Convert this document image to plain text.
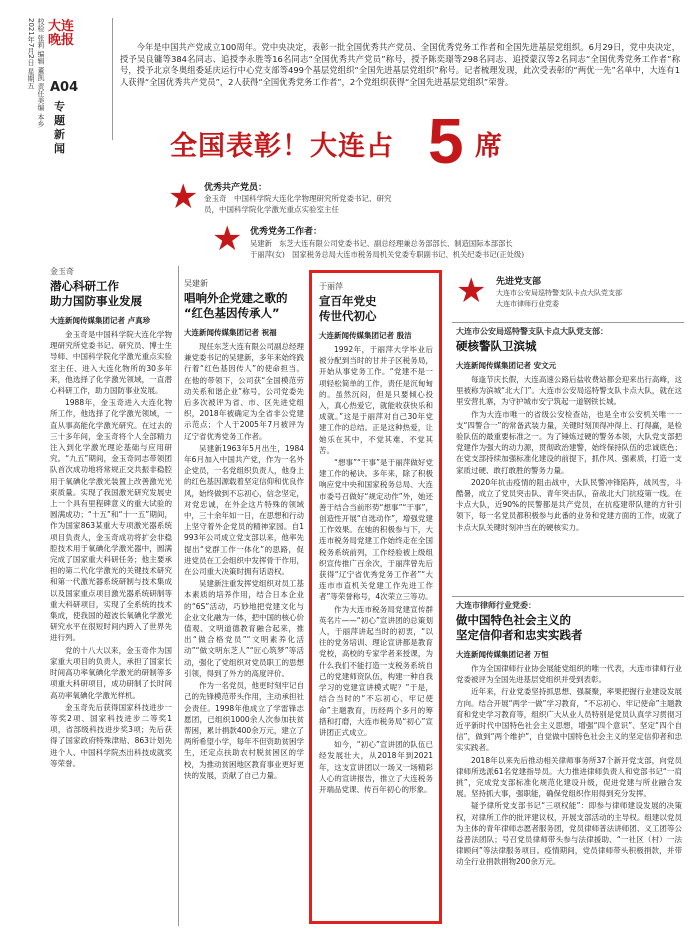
校检 张莉 编辑 董凯 责任美编 本乡 2021年7月2日 星期五	大连晚报
A04
专题
新闻

今年是中国共产党成立100周年。党中央决定，表彰一批全国优秀共产党员、全国优秀党务工作者和全国先进基层党组织。6月29日，党中央决定，授予吴良镛等384名同志、追授李永胜等16名同志“全国优秀共产党员”称号，授予陈奕璟等298名同志、追授蒙汉等2名同志“全国优秀党务工作者”称号，授予北京冬奥组委延庆运行中心党支部等499个基层党组织“全国先进基层党组织”称号。记者梳理发现，此次受表彰的“两优一先”名单中，大连有1人获得“全国优秀共产党员”，2人获得“全国优秀党务工作者”，2个党组织获得“全国先进基层党组织”荣誉。

全国表彰！大连占 5 席
★ 优秀共产党员：
金玉奇　中国科学院大连化学物理研究所党委书记、研究员，中国科学院化学激光重点实验室主任
★ 优秀党务工作者：
吴建新　东芝大连有限公司党委书记、副总经理兼总务部部长、制造国际本部部长
于丽萍(女)　国家税务总局大连市税务局机关党委专职副书记、机关纪委书记(正处级)
★ 先进党支部
大连市公安局巡特警支队卡点大队党支部
大连市律师行业党委
金玉奇
潜心科研工作
助力国防事业发展
大连新闻传媒集团记者 卢真珍

金玉奇是中国科学院大连化学物理研究所党委书记、研究员、博士生导师、中国科学院化学激光重点实验室主任、进入大连化物所的30多年来，他选择了化学激光领域，一直潜心科研工作，助力国防事业发展。

1988年，金玉奇进入大连化物所工作，他选择了化学激光领域，一直从事高能化学激光研究。在过去的三十多年间，金玉奇将个人全部精力注入到化学激光理论基础与应用研究。“九五”期间，金玉奇同志带领团队首次成功地将常规正交共振非稳腔用于氧碘化学激光装置上改善激光光束质量。实现了我国激光研究发展史上一个具有里程碑意义的重大试验的圆满成功；“十五”和“十一五”期间，作为国家863某重大专项激光器系统项目负责人，金玉奇成功将扩会非稳腔技术用于氧碘化学激光器中，圆满完成了国家重大科研任务；他主要承担的第二代化学激光的关键技术研究和第一代激光器系统研制与技术集成以及国家重点项目激光器系统研制等重大科研项目，实现了全系统的技术集成，使我国的超波长氧碘化学激光研究水平在很短时间内跨入了世界先进行列。

党的十八大以来，金玉奇作为国家重大项目的负责人，承担了国家长时间高功率氧碘化学激光的研制等多项重大科研项目，成功研制了长时间高功率氧碘化学激光样机。

金玉奇先后获得国家科技进步一等奖2项、国家科技进步二等奖1项，省部级科技进步奖3项；先后获得了国家政府特殊津贴、863计划先进个人、中国科学院杰出科技成就奖等荣誉。

吴建新
唱响外企党建之歌的
“红色基因传承人”
大连新闻传媒集团记者 祝福

现任东芝大连有限公司副总经理兼党委书记的吴建新，多年来始终践行着“红色基因传人”的使命担当。在他的带领下，公司获“全国模范劳动关系和谐企业”称号，公司党委先后多次被评为省、市、区先进党组织，2018年被确定为全省非公党建示范点；个人于2005年7月被评为辽宁省优秀党务工作者。

吴建新1963年5月出生，1984年6月加入中国共产党，作为一名外企党员，一名党组织负责人，他身上的红色基因源载着坚定信仰和优良作风，始终做到不忘初心，信念坚定，对党忠诚，在外企这片特殊的领域中，三十余年如一日，在思想和行动上坚守着外企党员的精神家园。自1993年公司成立党支部以来，他率先提出“党群工作一体化”的思路，促进党员在工会组织中发挥骨干作用，在公司重大决策时拥有话语权。

吴建新注重发挥党组织对员工基本素质的培养作用，结合日本企业的“6S”活动，巧妙地把党建文化与企业文化融为一体，把中国的核心价值观、文明道德教育融合起来，推出“做合格党员”“文明素养化活动”“做文明东芝人”“匠心筑梦”等活动，强化了党组织对党员职工的思想引领，得到了外方的高度评价。

作为一名党员，他更时刻牢记自己的先锋模范带头作用，主动承担社会责任。1998年他成立了学雷锋志愿团，已组织1000余人次参加扶贫帮困，累计捐款400余万元，建立了两所希望小学，每年不但资助贫困学生，还定点扶助农村脱贫困区的学校，为推动贫困地区教育事业更好更快的发展，贡献了自己力量。

于丽萍
宣百年党史
传世代初心
大连新闻传媒集团记者 殷洁

1992年，于丽萍大学毕业后被分配到当时的甘井子区税务局，开始从事党务工作。“党建不是一项轻松简单的工作，责任是沉甸甸的。虽然沉闷，但是只要倾心投入，真心热爱它，就能收获快乐和成就。”这是于丽萍对自己30年党建工作的总结。正是这种热爱，让她乐在其中，不觉其难、不觉其苦。

“想事”“干事”是于丽萍做好党建工作的秘诀。多年来，除了积极响应党中央和国家税务总局、大连市委号召做好“规定动作”外，她还善于结合当前形势“想事”“干事”，创造性开展“自选动作”，增强党建工作效果。在她的积极参与下，大连市税务局党建工作始终走在全国税务系统前列，工作经验被上级组织宣传推广百余次，于丽萍曾先后获得“辽宁省优秀党务工作者”“大连市市直机关党建工作先进工作者”等荣誉称号，4次荣立三等功。

作为大连市税务局党建宣传群英名片——“初心”宣讲团的总策划人，于丽萍讲起当时的初衷，“以往的党务培训、理论宣讲都是教育党校，高校的专家学者来授课，为什么我们不能打造一支税务系统自己的党建师资队伍，构建一种自我学习的党建宣讲模式呢？”于是，结合当时的“不忘初心、牢记使命”主题教育，历经两个多月的筹措和打磨，大连市税务局“初心”宣讲团正式成立。

如今，“初心”宣讲团的队伍已经发展壮大，从2018年到2021年，这支宣讲团以一场又一场精彩人心的宣讲报告，推立了大连税务开端品党课、传百年初心的形象。

大连市公安局巡特警支队卡点大队党支部：
硬核警队卫滨城
大连新闻传媒集团记者 安文元

每逢节庆长假，大连高速公路后盐收费站都会迎来出行高峰，这里被称为滨城“北大门”。大连市公安局巡特警支队卡点大队，就在这里安营扎寨，为守护城市安宁筑起一道钢铁长城。

作为大连市唯一的省级公安检查站，也是全市公安机关唯一一支“四警合一”的常备武装力量，关键时刻顶得冲得上、打得赢，是检验队伍的最重要标准之一。为了锤炼过硬的警务本领，大队党支部把党建作为强大的动力源，贯彻政治建警，始终保持队伍的忠诚底色；在党支部持续加强标准化建设的前提下，抓作风、强素质，打造一支家质过硬、敢打敢胜的警务力量。

2020年抗击疫情的阻击战中，大队民警冲锋陷阵，战风雪，斗酷暑，成立了党员突击队、青年突击队，奋战北大门抗疫第一线。在卡点大队，近90%的民警都是共产党员，在抗疫建带队建的方针引领下，每一名党员都积极参与此番的业务和党建方面的工作，成就了卡点大队关键时刻冲当在的硬核实力。

大连市律师行业党委：
做中国特色社会主义的
坚定信仰者和忠实实践者
大连新闻传媒集团记者 万恒

作为全国律师行业协会展能党组织的唯一代表，大连市律师行业党委被评为全国先进基层党组织并受到表彰。

近年来，行业党委坚持抓思想、强凝聚，率果把握行业建设发展方向。结合开展“两学一做”学习教育，“不忘初心、牢记使命”主题教育和党史学习教育等，组织广大从业人员特别是党员认真学习贯彻习近平新时代中国特色社会主义思想，增强“四个意识”、坚定“四个自信”，做到“两个维护”，自觉做中国特色社会主义的坚定信仰者和忠实实践者。

2018年以来先后推动相关律师事务所37个新开党支部，向党员律师所选派61名党建指导员。大力推进律师负责人和党部书记“一肩挑”，完成党支部标准化规范化建设升级，促进党建与所业融合发展。坚持抓大事，强职能，确保党组织作用得到充分发挥。

疑予律所党支部书记“三项权能”：即参与律师建设发展的决策权，对律所工作的批评建议权，开展支部活动的主导权。组建以党员为主体的青年律师志愿者服务团，党员律师普法讲师团、义工团等公益普法团队；号召党员律师带头参与法律援助、“一社区（村）一法律顾问”等法律服务项目。疫情期间，党员律师带头积极捐款，并带动全行业捐款捐物200余万元。
